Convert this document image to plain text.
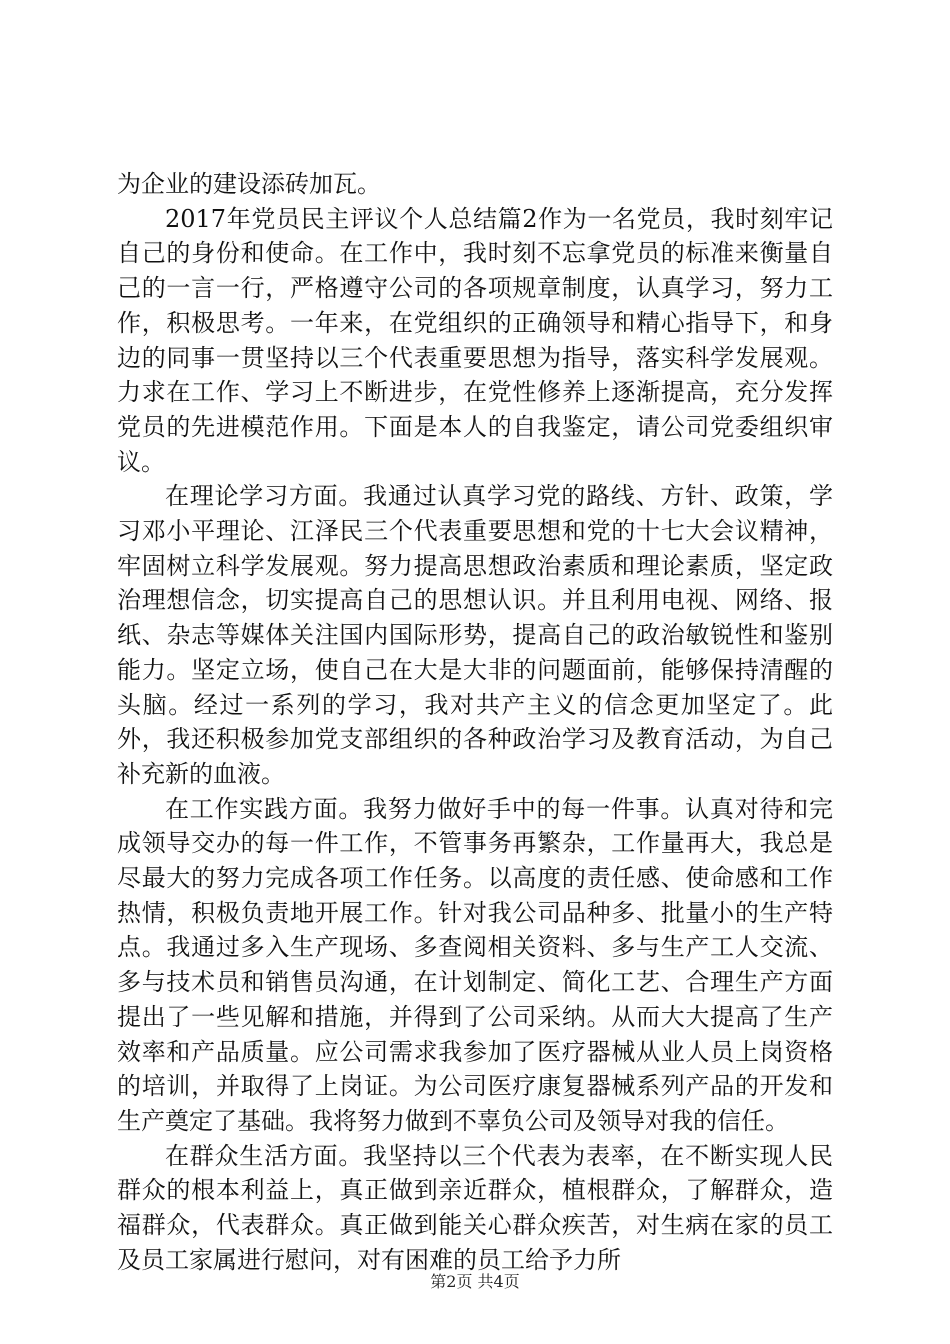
为企业的建设添砖加瓦。

2017年党员民主评议个人总结篇2作为一名党员，我时刻牢记自己的身份和使命。在工作中，我时刻不忘拿党员的标准来衡量自己的一言一行，严格遵守公司的各项规章制度，认真学习，努力工作，积极思考。一年来，在党组织的正确领导和精心指导下，和身边的同事一贯坚持以三个代表重要思想为指导，落实科学发展观。力求在工作、学习上不断进步，在党性修养上逐渐提高，充分发挥党员的先进模范作用。下面是本人的自我鉴定，请公司党委组织审议。

在理论学习方面。我通过认真学习党的路线、方针、政策，学习邓小平理论、江泽民三个代表重要思想和党的十七大会议精神，牢固树立科学发展观。努力提高思想政治素质和理论素质，坚定政治理想信念，切实提高自己的思想认识。并且利用电视、网络、报纸、杂志等媒体关注国内国际形势，提高自己的政治敏锐性和鉴别能力。坚定立场，使自己在大是大非的问题面前，能够保持清醒的头脑。经过一系列的学习，我对共产主义的信念更加坚定了。此外，我还积极参加党支部组织的各种政治学习及教育活动，为自己补充新的血液。

在工作实践方面。我努力做好手中的每一件事。认真对待和完成领导交办的每一件工作，不管事务再繁杂，工作量再大，我总是尽最大的努力完成各项工作任务。以高度的责任感、使命感和工作热情，积极负责地开展工作。针对我公司品种多、批量小的生产特点。我通过多入生产现场、多查阅相关资料、多与生产工人交流、多与技术员和销售员沟通，在计划制定、简化工艺、合理生产方面提出了一些见解和措施，并得到了公司采纳。从而大大提高了生产效率和产品质量。应公司需求我参加了医疗器械从业人员上岗资格的培训，并取得了上岗证。为公司医疗康复器械系列产品的开发和生产奠定了基础。我将努力做到不辜负公司及领导对我的信任。

在群众生活方面。我坚持以三个代表为表率，在不断实现人民群众的根本利益上，真正做到亲近群众，植根群众，了解群众，造福群众，代表群众。真正做到能关心群众疾苦，对生病在家的员工及员工家属进行慰问，对有困难的员工给予力所

第2页 共4页
